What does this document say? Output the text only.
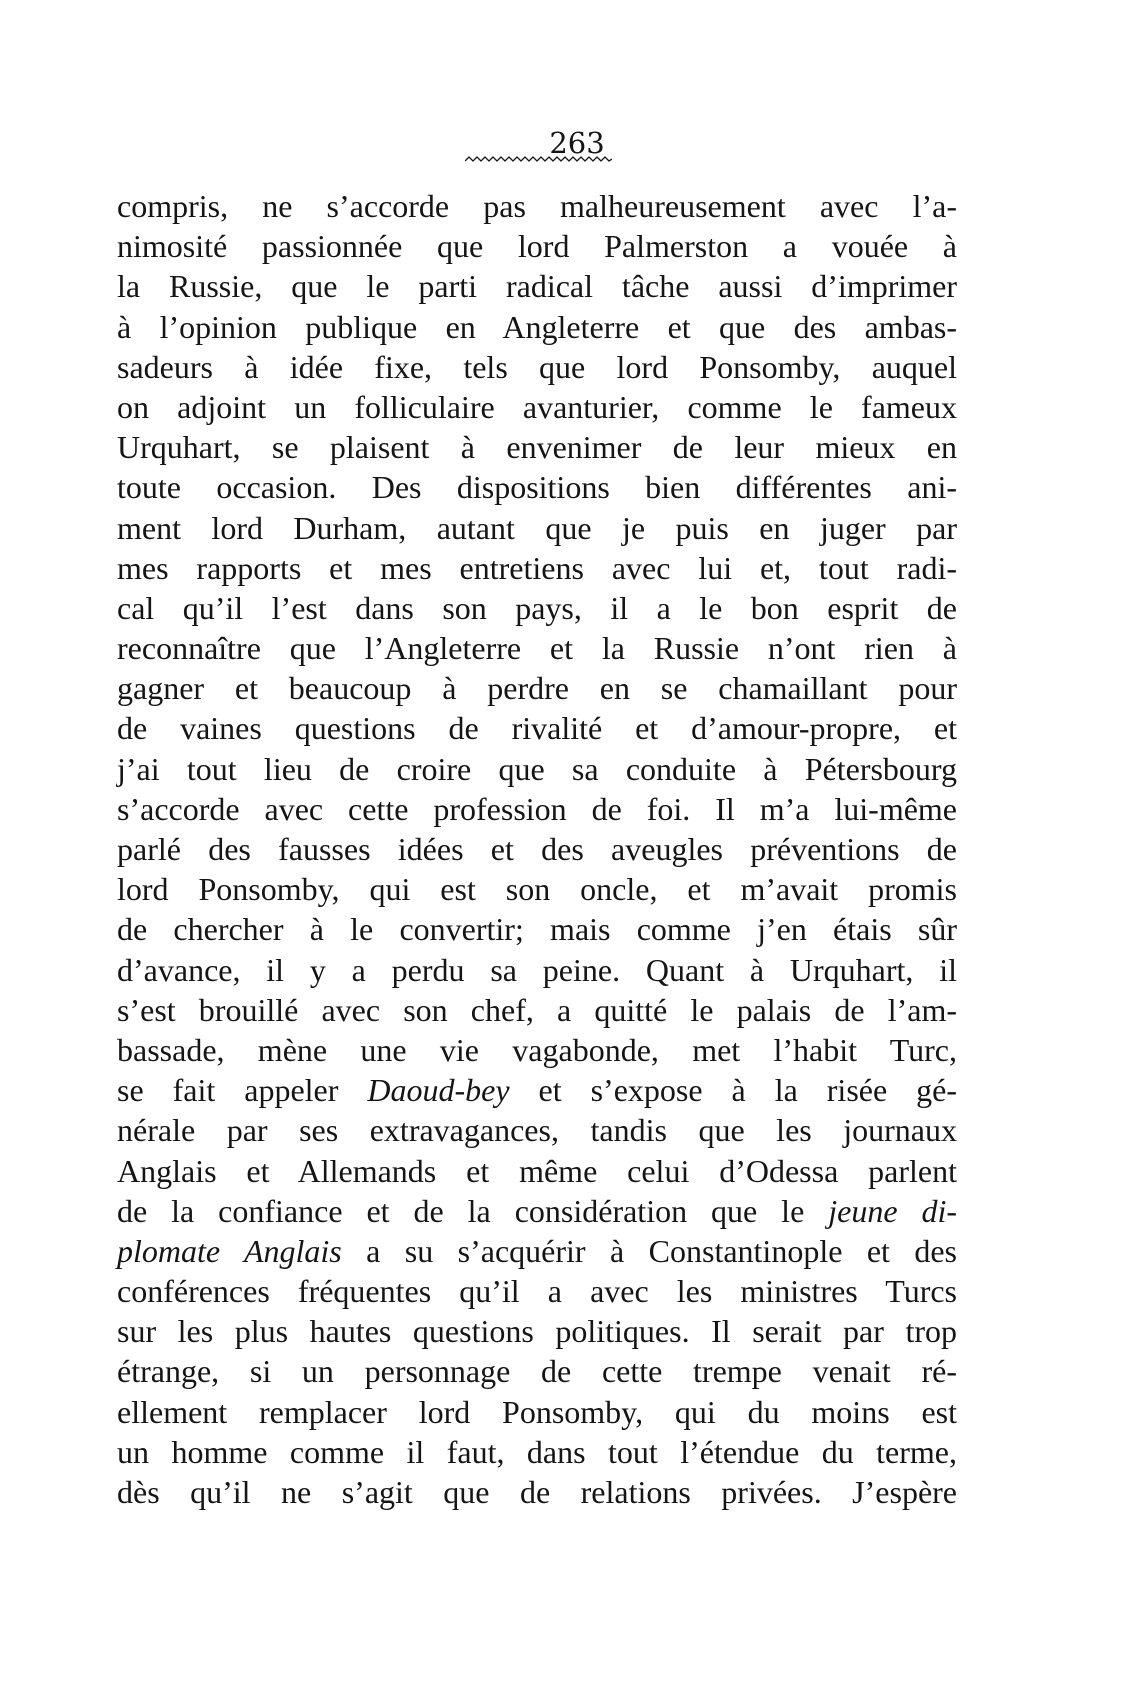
263
compris, ne s’accorde pas malheureusement avec l’a-
nimosité passionnée que lord Palmerston a vouée à
la Russie, que le parti radical tâche aussi d’imprimer
à l’opinion publique en Angleterre et que des ambas-
sadeurs à idée fixe, tels que lord Ponsomby, auquel
on adjoint un folliculaire avanturier, comme le fameux
Urquhart, se plaisent à envenimer de leur mieux en
toute occasion. Des dispositions bien différentes ani-
ment lord Durham, autant que je puis en juger par
mes rapports et mes entretiens avec lui et, tout radi-
cal qu’il l’est dans son pays, il a le bon esprit de
reconnaître que l’Angleterre et la Russie n’ont rien à
gagner et beaucoup à perdre en se chamaillant pour
de vaines questions de rivalité et d’amour-propre, et
j’ai tout lieu de croire que sa conduite à Pétersbourg
s’accorde avec cette profession de foi. Il m’a lui-même
parlé des fausses idées et des aveugles préventions de
lord Ponsomby, qui est son oncle, et m’avait promis
de chercher à le convertir; mais comme j’en étais sûr
d’avance, il y a perdu sa peine. Quant à Urquhart, il
s’est brouillé avec son chef, a quitté le palais de l’am-
bassade, mène une vie vagabonde, met l’habit Turc,
se fait appeler Daoud-bey et s’expose à la risée gé-
nérale par ses extravagances, tandis que les journaux
Anglais et Allemands et même celui d’Odessa parlent
de la confiance et de la considération que le jeune di-
plomate Anglais a su s’acquérir à Constantinople et des
conférences fréquentes qu’il a avec les ministres Turcs
sur les plus hautes questions politiques. Il serait par trop
étrange, si un personnage de cette trempe venait ré-
ellement remplacer lord Ponsomby, qui du moins est
un homme comme il faut, dans tout l’étendue du terme,
dès qu’il ne s’agit que de relations privées. J’espère
